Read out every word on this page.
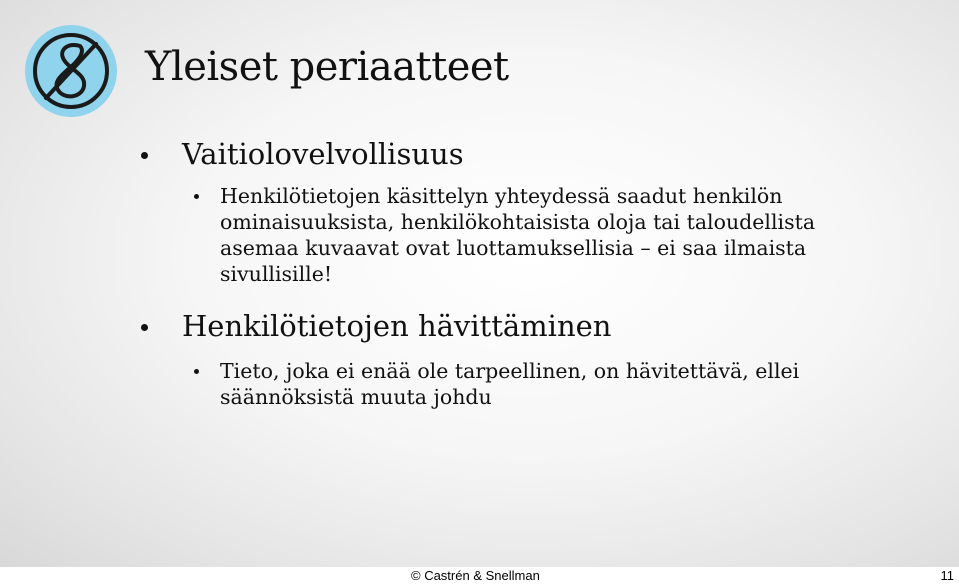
Yleiset periaatteet
Vaitiolovelvollisuus
Henkilötietojen käsittelyn yhteydessä saadut henkilön ominaisuuksista, henkilökohtaisista oloja tai taloudellista asemaa kuvaavat ovat luottamuksellisia – ei saa ilmaista sivullisille!
Henkilötietojen hävittäminen
Tieto, joka ei enää ole tarpeellinen, on hävitettävä, ellei säännöksistä muuta johdu
© Castrén & Snellman	11
